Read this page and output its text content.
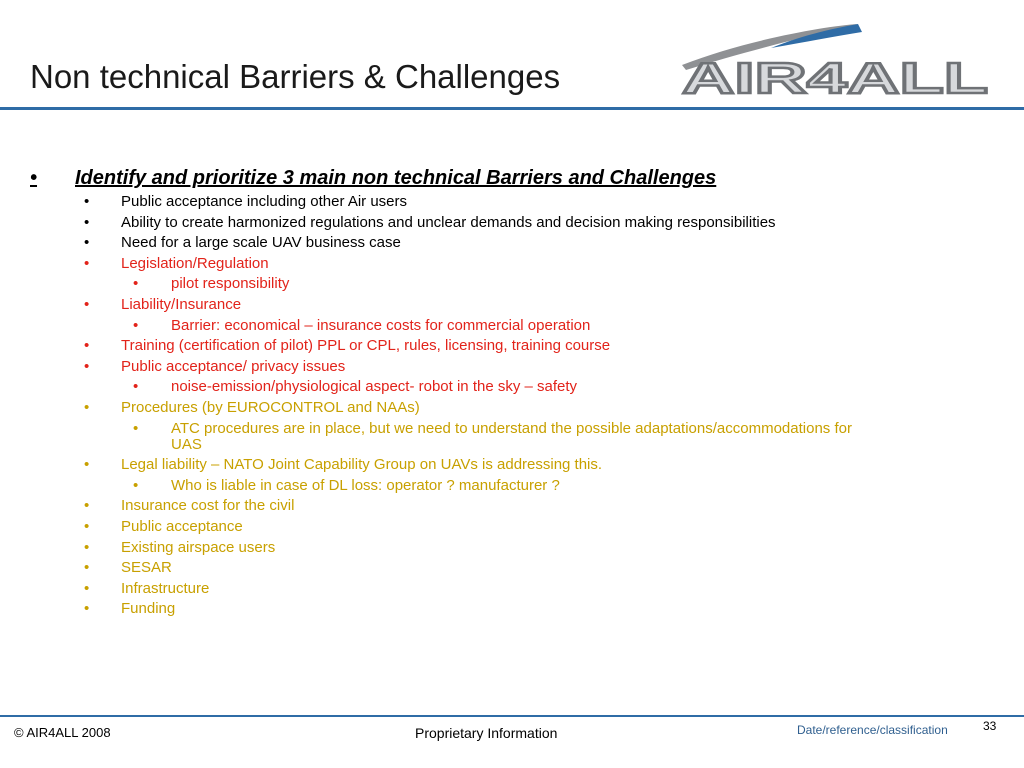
Non technical Barriers & Challenges	AIR4ALL
• Identify and prioritize 3 main non technical Barriers and Challenges
• Public acceptance including other Air users
• Ability to create harmonized regulations and unclear demands and decision making responsibilities
• Need for a large scale UAV business case
• Legislation/Regulation
• pilot responsibility
• Liability/Insurance
• Barrier: economical – insurance costs for commercial operation
• Training (certification of pilot) PPL or CPL, rules, licensing, training course
• Public acceptance/ privacy issues
• noise-emission/physiological aspect- robot in the sky – safety
• Procedures (by EUROCONTROL and NAAs)
• ATC procedures are in place, but we need to understand the possible adaptations/accommodations for
UAS
• Legal liability – NATO Joint Capability Group on UAVs is addressing this.
• Who is liable in case of DL loss: operator ? manufacturer ?
• Insurance cost for the civil
• Public acceptance
• Existing airspace users
• SESAR
• Infrastructure
• Funding
© AIR4ALL 2008	Proprietary Information	Date/reference/classification	33
